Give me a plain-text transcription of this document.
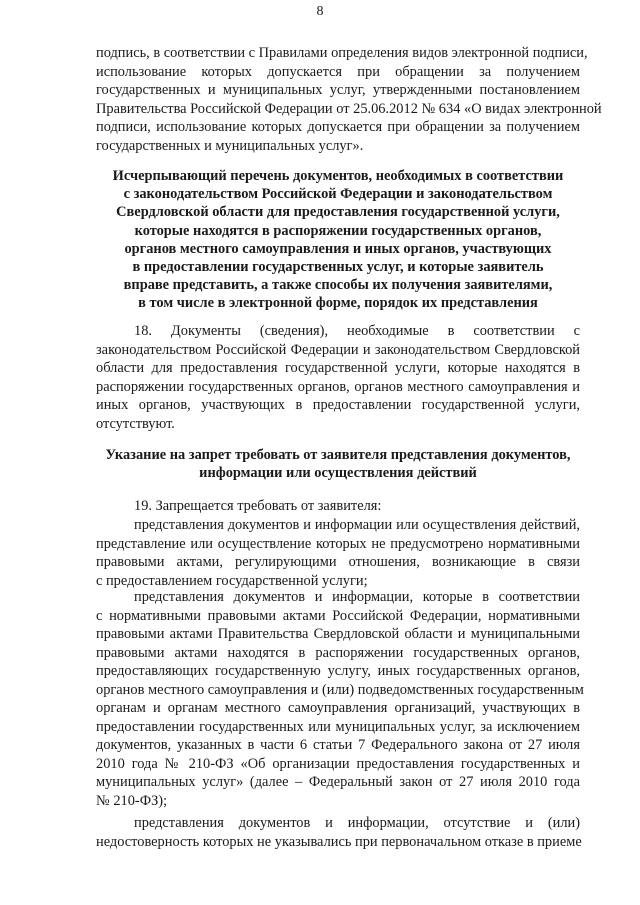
8
подпись, в соответствии с Правилами определения видов электронной подписи,
использование которых допускается при обращении за получением
государственных и муниципальных услуг, утвержденными постановлением
Правительства Российской Федерации от 25.06.2012 № 634 «О видах электронной
подписи, использование которых допускается при обращении за получением
государственных и муниципальных услуг».
Исчерпывающий перечень документов, необходимых в соответствии
с законодательством Российской Федерации и законодательством
Свердловской области для предоставления государственной услуги,
которые находятся в распоряжении государственных органов,
органов местного самоуправления и иных органов, участвующих
в предоставлении государственных услуг, и которые заявитель
вправе представить, а также способы их получения заявителями,
в том числе в электронной форме, порядок их представления
18. Документы (сведения), необходимые в соответствии с
законодательством Российской Федерации и законодательством Свердловской
области для предоставления государственной услуги, которые находятся в
распоряжении государственных органов, органов местного самоуправления и
иных органов, участвующих в предоставлении государственной услуги,
отсутствуют.
Указание на запрет требовать от заявителя представления документов,
информации или осуществления действий
19. Запрещается требовать от заявителя:
представления документов и информации или осуществления действий,
представление или осуществление которых не предусмотрено нормативными
правовыми актами, регулирующими отношения, возникающие в связи
с предоставлением государственной услуги;
представления документов и информации, которые в соответствии
с нормативными правовыми актами Российской Федерации, нормативными
правовыми актами Правительства Свердловской области и муниципальными
правовыми актами находятся в распоряжении государственных органов,
предоставляющих государственную услугу, иных государственных органов,
органов местного самоуправления и (или) подведомственных государственным
органам и органам местного самоуправления организаций, участвующих в
предоставлении государственных или муниципальных услуг, за исключением
документов, указанных в части 6 статьи 7 Федерального закона от 27 июля
2010 года № 210-ФЗ «Об организации предоставления государственных и
муниципальных услуг» (далее – Федеральный закон от 27 июля 2010 года
№ 210-ФЗ);
представления документов и информации, отсутствие и (или)
недостоверность которых не указывались при первоначальном отказе в приеме
